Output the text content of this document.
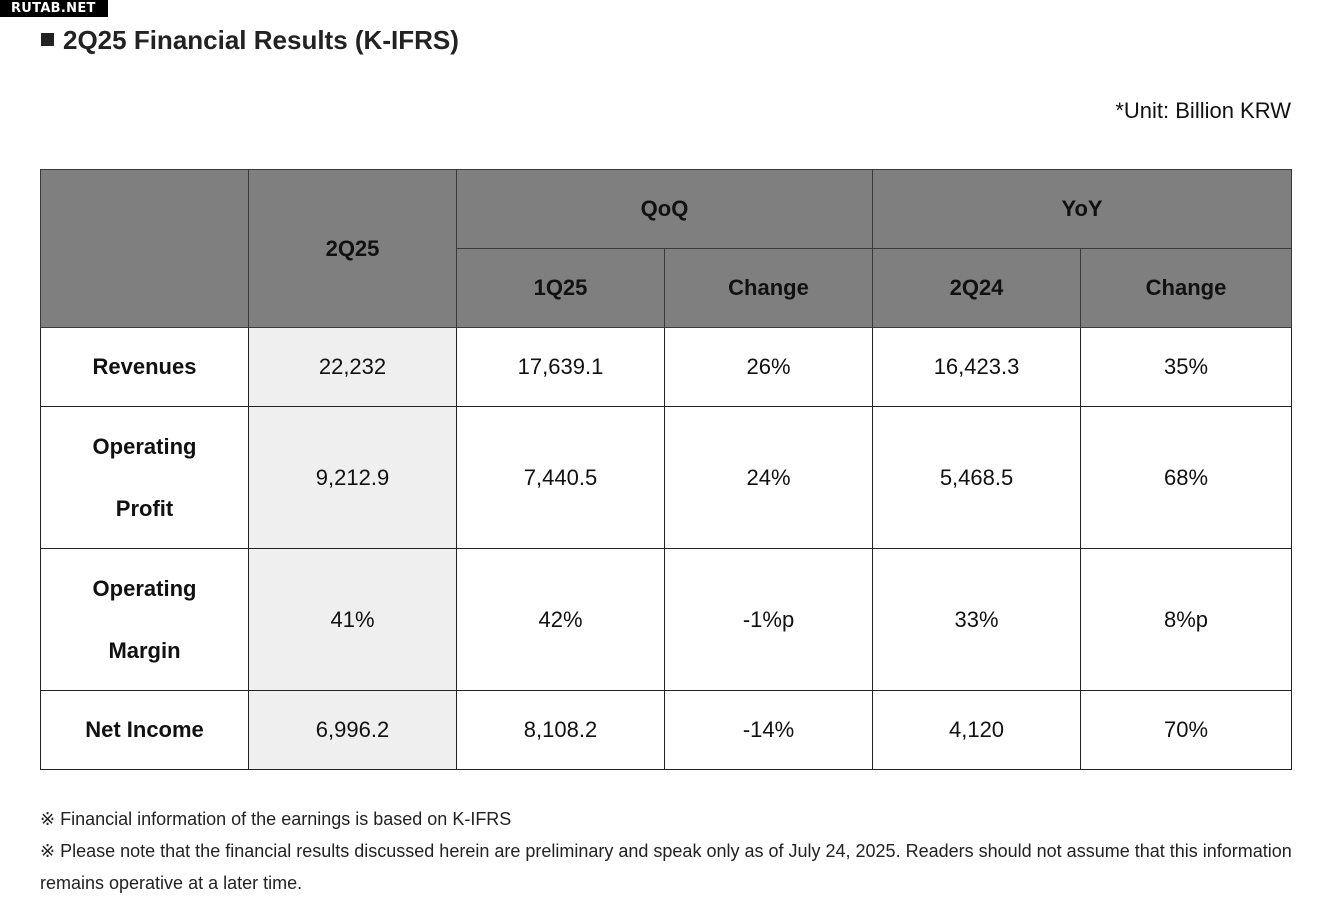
RUTAB.NET
2Q25 Financial Results (K-IFRS)
*Unit: Billion KRW
	2Q25	QoQ		YoY	
		1Q25	Change	2Q24	Change
Revenues	22,232	17,639.1	26%	16,423.3	35%
Operating Profit	9,212.9	7,440.5	24%	5,468.5	68%
Operating Margin	41%	42%	-1%p	33%	8%p
Net Income	6,996.2	8,108.2	-14%	4,120	70%
※ Financial information of the earnings is based on K-IFRS
※ Please note that the financial results discussed herein are preliminary and speak only as of July 24, 2025. Readers should not assume that this information remains operative at a later time.
